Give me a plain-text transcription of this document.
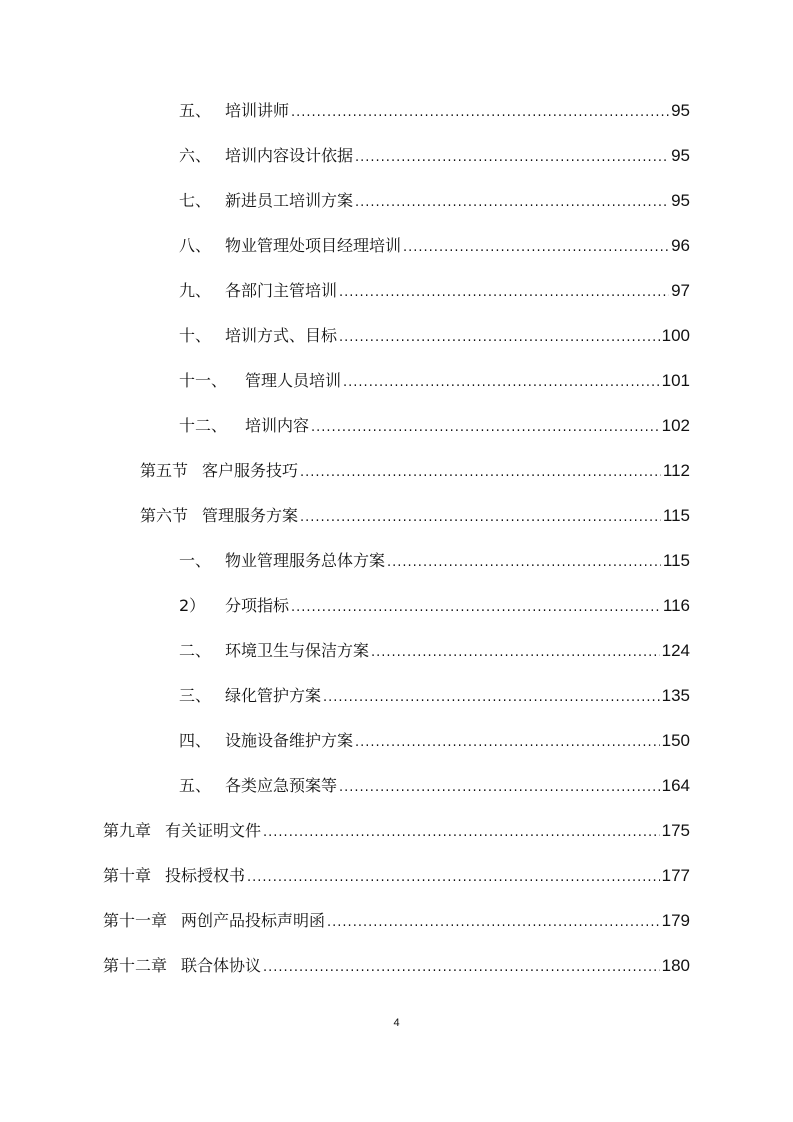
五、 培训讲师 .....	95
六、 培训内容设计依据 .....	95
七、 新进员工培训方案 .....	95
八、 物业管理处项目经理培训 .....	96
九、 各部门主管培训 .....	97
十、 培训方式、目标 .....	100
十一、 管理人员培训 .....	101
十二、 培训内容 .....	102
第五节 客户服务技巧 .....	112
第六节 管理服务方案 .....	115
一、 物业管理服务总体方案 .....	115
2）	分项指标 .....	116
二、 环境卫生与保洁方案 .....	124
三、 绿化管护方案 .....	135
四、 设施设备维护方案 .....	150
五、 各类应急预案等 .....	164
第九章 有关证明文件 .....	175
第十章 投标授权书 .....	177
第十一章 两创产品投标声明函 .....	179
第十二章 联合体协议 .....	180
4
